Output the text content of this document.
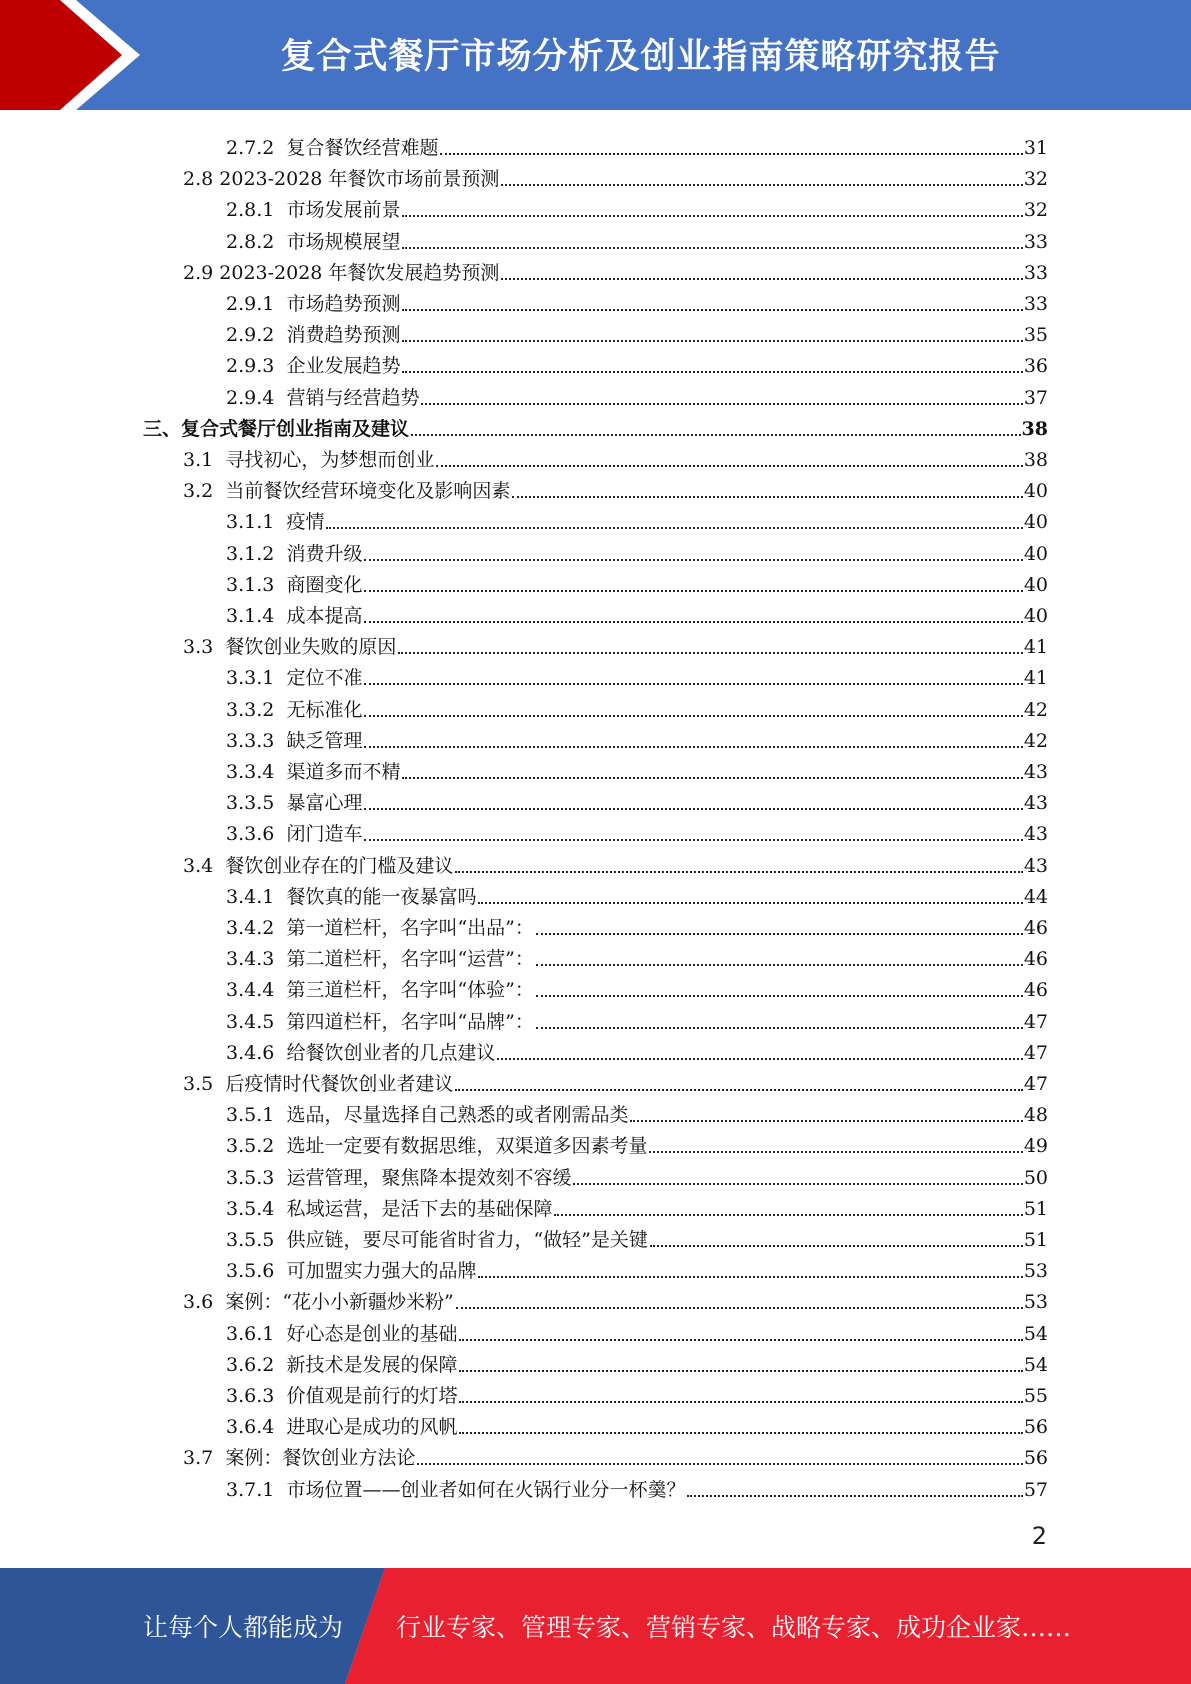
复合式餐厅市场分析及创业指南策略研究报告
2.7.2 复合餐饮经营难题	31
2.8 2023-2028 年餐饮市场前景预测	32
2.8.1 市场发展前景	32
2.8.2 市场规模展望	33
2.9 2023-2028 年餐饮发展趋势预测	33
2.9.1 市场趋势预测	33
2.9.2 消费趋势预测	35
2.9.3 企业发展趋势	36
2.9.4 营销与经营趋势	37
三、复合式餐厅创业指南及建议	38
3.1 寻找初心，为梦想而创业	38
3.2 当前餐饮经营环境变化及影响因素	40
3.1.1 疫情	40
3.1.2 消费升级	40
3.1.3 商圈变化	40
3.1.4 成本提高	40
3.3 餐饮创业失败的原因	41
3.3.1 定位不准	41
3.3.2 无标准化	42
3.3.3 缺乏管理	42
3.3.4 渠道多而不精	43
3.3.5 暴富心理	43
3.3.6 闭门造车	43
3.4 餐饮创业存在的门槛及建议	43
3.4.1 餐饮真的能一夜暴富吗	44
3.4.2 第一道栏杆，名字叫“出品”：	46
3.4.3 第二道栏杆，名字叫“运营”：	46
3.4.4 第三道栏杆，名字叫“体验”：	46
3.4.5 第四道栏杆，名字叫“品牌”：	47
3.4.6 给餐饮创业者的几点建议	47
3.5 后疫情时代餐饮创业者建议	47
3.5.1 选品，尽量选择自己熟悉的或者刚需品类	48
3.5.2 选址一定要有数据思维，双渠道多因素考量	49
3.5.3 运营管理，聚焦降本提效刻不容缓	50
3.5.4 私域运营，是活下去的基础保障	51
3.5.5 供应链，要尽可能省时省力，“做轻”是关键	51
3.5.6 可加盟实力强大的品牌	53
3.6 案例：“花小小新疆炒米粉”	53
3.6.1 好心态是创业的基础	54
3.6.2 新技术是发展的保障	54
3.6.3 价值观是前行的灯塔	55
3.6.4 进取心是成功的风帆	56
3.7 案例：餐饮创业方法论	56
3.7.1 市场位置——创业者如何在火锅行业分一杯羹？	57
2
让每个人都能成为 行业专家、管理专家、营销专家、战略专家、成功企业家……
